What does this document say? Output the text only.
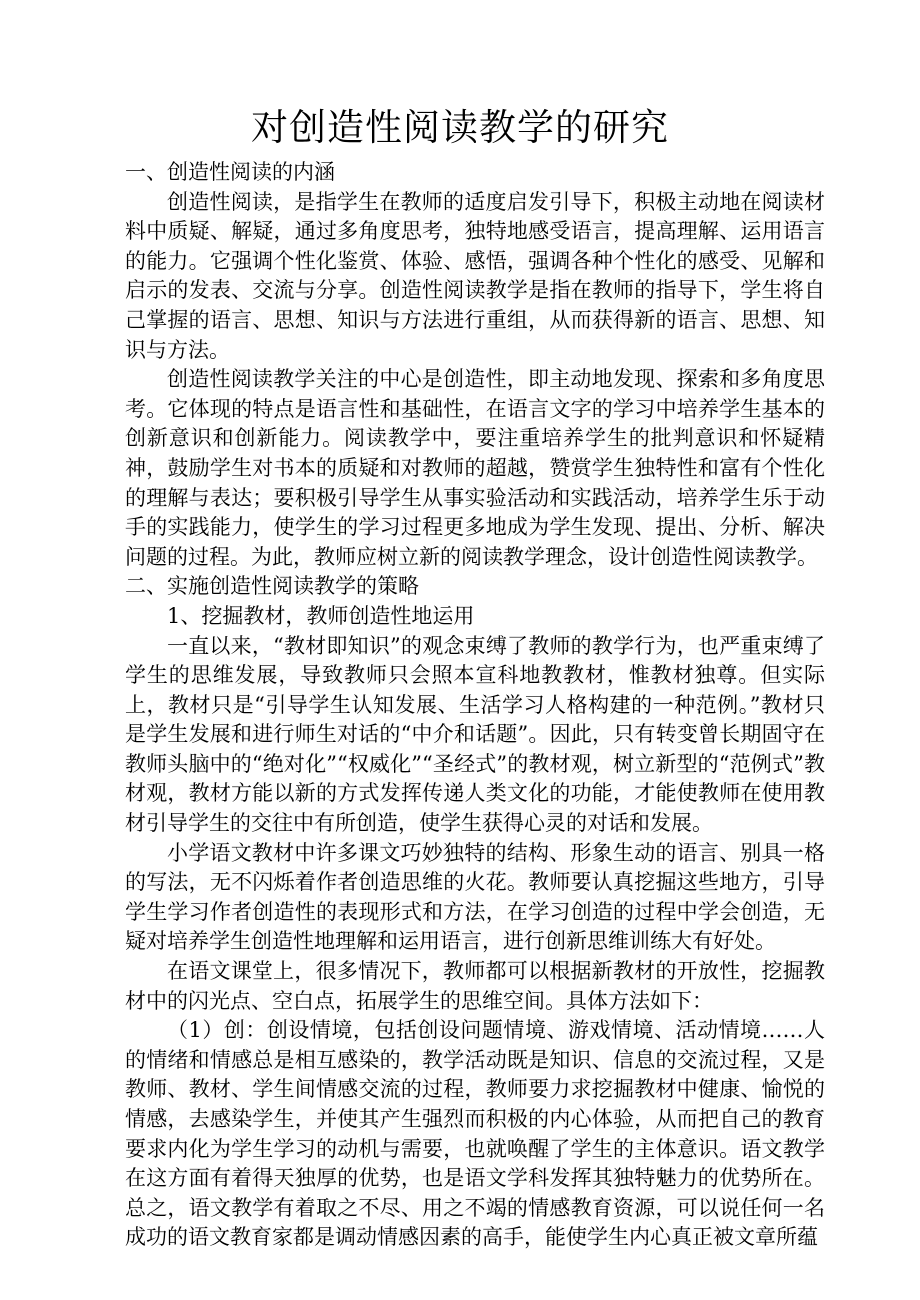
对创造性阅读教学的研究

一、创造性阅读的内涵

创造性阅读，是指学生在教师的适度启发引导下，积极主动地在阅读材料中质疑、解疑，通过多角度思考，独特地感受语言，提高理解、运用语言的能力。它强调个性化鉴赏、体验、感悟，强调各种个性化的感受、见解和启示的发表、交流与分享。创造性阅读教学是指在教师的指导下，学生将自己掌握的语言、思想、知识与方法进行重组，从而获得新的语言、思想、知识与方法。

创造性阅读教学关注的中心是创造性，即主动地发现、探索和多角度思考。它体现的特点是语言性和基础性，在语言文字的学习中培养学生基本的创新意识和创新能力。阅读教学中，要注重培养学生的批判意识和怀疑精神，鼓励学生对书本的质疑和对教师的超越，赞赏学生独特性和富有个性化的理解与表达；要积极引导学生从事实验活动和实践活动，培养学生乐于动手的实践能力，使学生的学习过程更多地成为学生发现、提出、分析、解决问题的过程。为此，教师应树立新的阅读教学理念，设计创造性阅读教学。

二、实施创造性阅读教学的策略

1、挖掘教材，教师创造性地运用

一直以来，“教材即知识”的观念束缚了教师的教学行为，也严重束缚了学生的思维发展，导致教师只会照本宣科地教教材，惟教材独尊。但实际上，教材只是“引导学生认知发展、生活学习人格构建的一种范例。”教材只是学生发展和进行师生对话的“中介和话题”。因此，只有转变曾长期固守在教师头脑中的“绝对化”“权威化”“圣经式”的教材观，树立新型的“范例式”教材观，教材方能以新的方式发挥传递人类文化的功能，才能使教师在使用教材引导学生的交往中有所创造，使学生获得心灵的对话和发展。

小学语文教材中许多课文巧妙独特的结构、形象生动的语言、别具一格的写法，无不闪烁着作者创造思维的火花。教师要认真挖掘这些地方，引导学生学习作者创造性的表现形式和方法，在学习创造的过程中学会创造，无疑对培养学生创造性地理解和运用语言，进行创新思维训练大有好处。

在语文课堂上，很多情况下，教师都可以根据新教材的开放性，挖掘教材中的闪光点、空白点，拓展学生的思维空间。具体方法如下：

（1）创：创设情境，包括创设问题情境、游戏情境、活动情境……人的情绪和情感总是相互感染的，教学活动既是知识、信息的交流过程，又是教师、教材、学生间情感交流的过程，教师要力求挖掘教材中健康、愉悦的情感，去感染学生，并使其产生强烈而积极的内心体验，从而把自己的教育要求内化为学生学习的动机与需要，也就唤醒了学生的主体意识。语文教学在这方面有着得天独厚的优势，也是语文学科发挥其独特魅力的优势所在。总之，语文教学有着取之不尽、用之不竭的情感教育资源，可以说任何一名成功的语文教育家都是调动情感因素的高手，能使学生内心真正被文章所蕴
